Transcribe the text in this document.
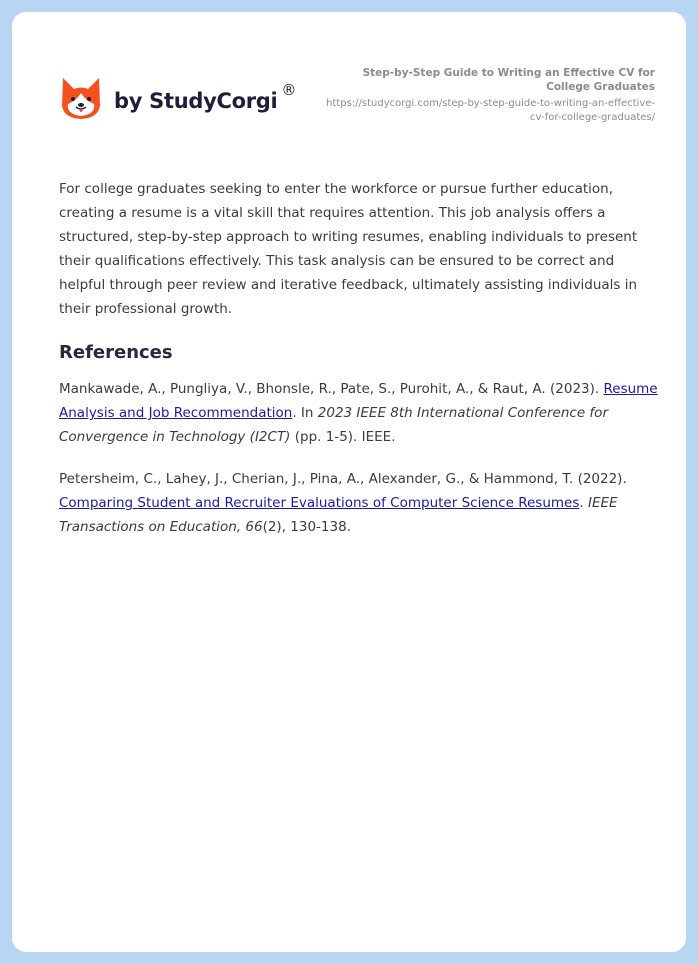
by StudyCorgi ®
Step-by-Step Guide to Writing an Effective CV for College Graduates
https://studycorgi.com/step-by-step-guide-to-writing-an-effective-cv-for-college-graduates/

For college graduates seeking to enter the workforce or pursue further education, creating a resume is a vital skill that requires attention. This job analysis offers a structured, step-by-step approach to writing resumes, enabling individuals to present their qualifications effectively. This task analysis can be ensured to be correct and helpful through peer review and iterative feedback, ultimately assisting individuals in their professional growth.

References

Mankawade, A., Pungliya, V., Bhonsle, R., Pate, S., Purohit, A., & Raut, A. (2023). Resume Analysis and Job Recommendation. In 2023 IEEE 8th International Conference for Convergence in Technology (I2CT) (pp. 1-5). IEEE.

Petersheim, C., Lahey, J., Cherian, J., Pina, A., Alexander, G., & Hammond, T. (2022). Comparing Student and Recruiter Evaluations of Computer Science Resumes. IEEE Transactions on Education, 66(2), 130-138.
